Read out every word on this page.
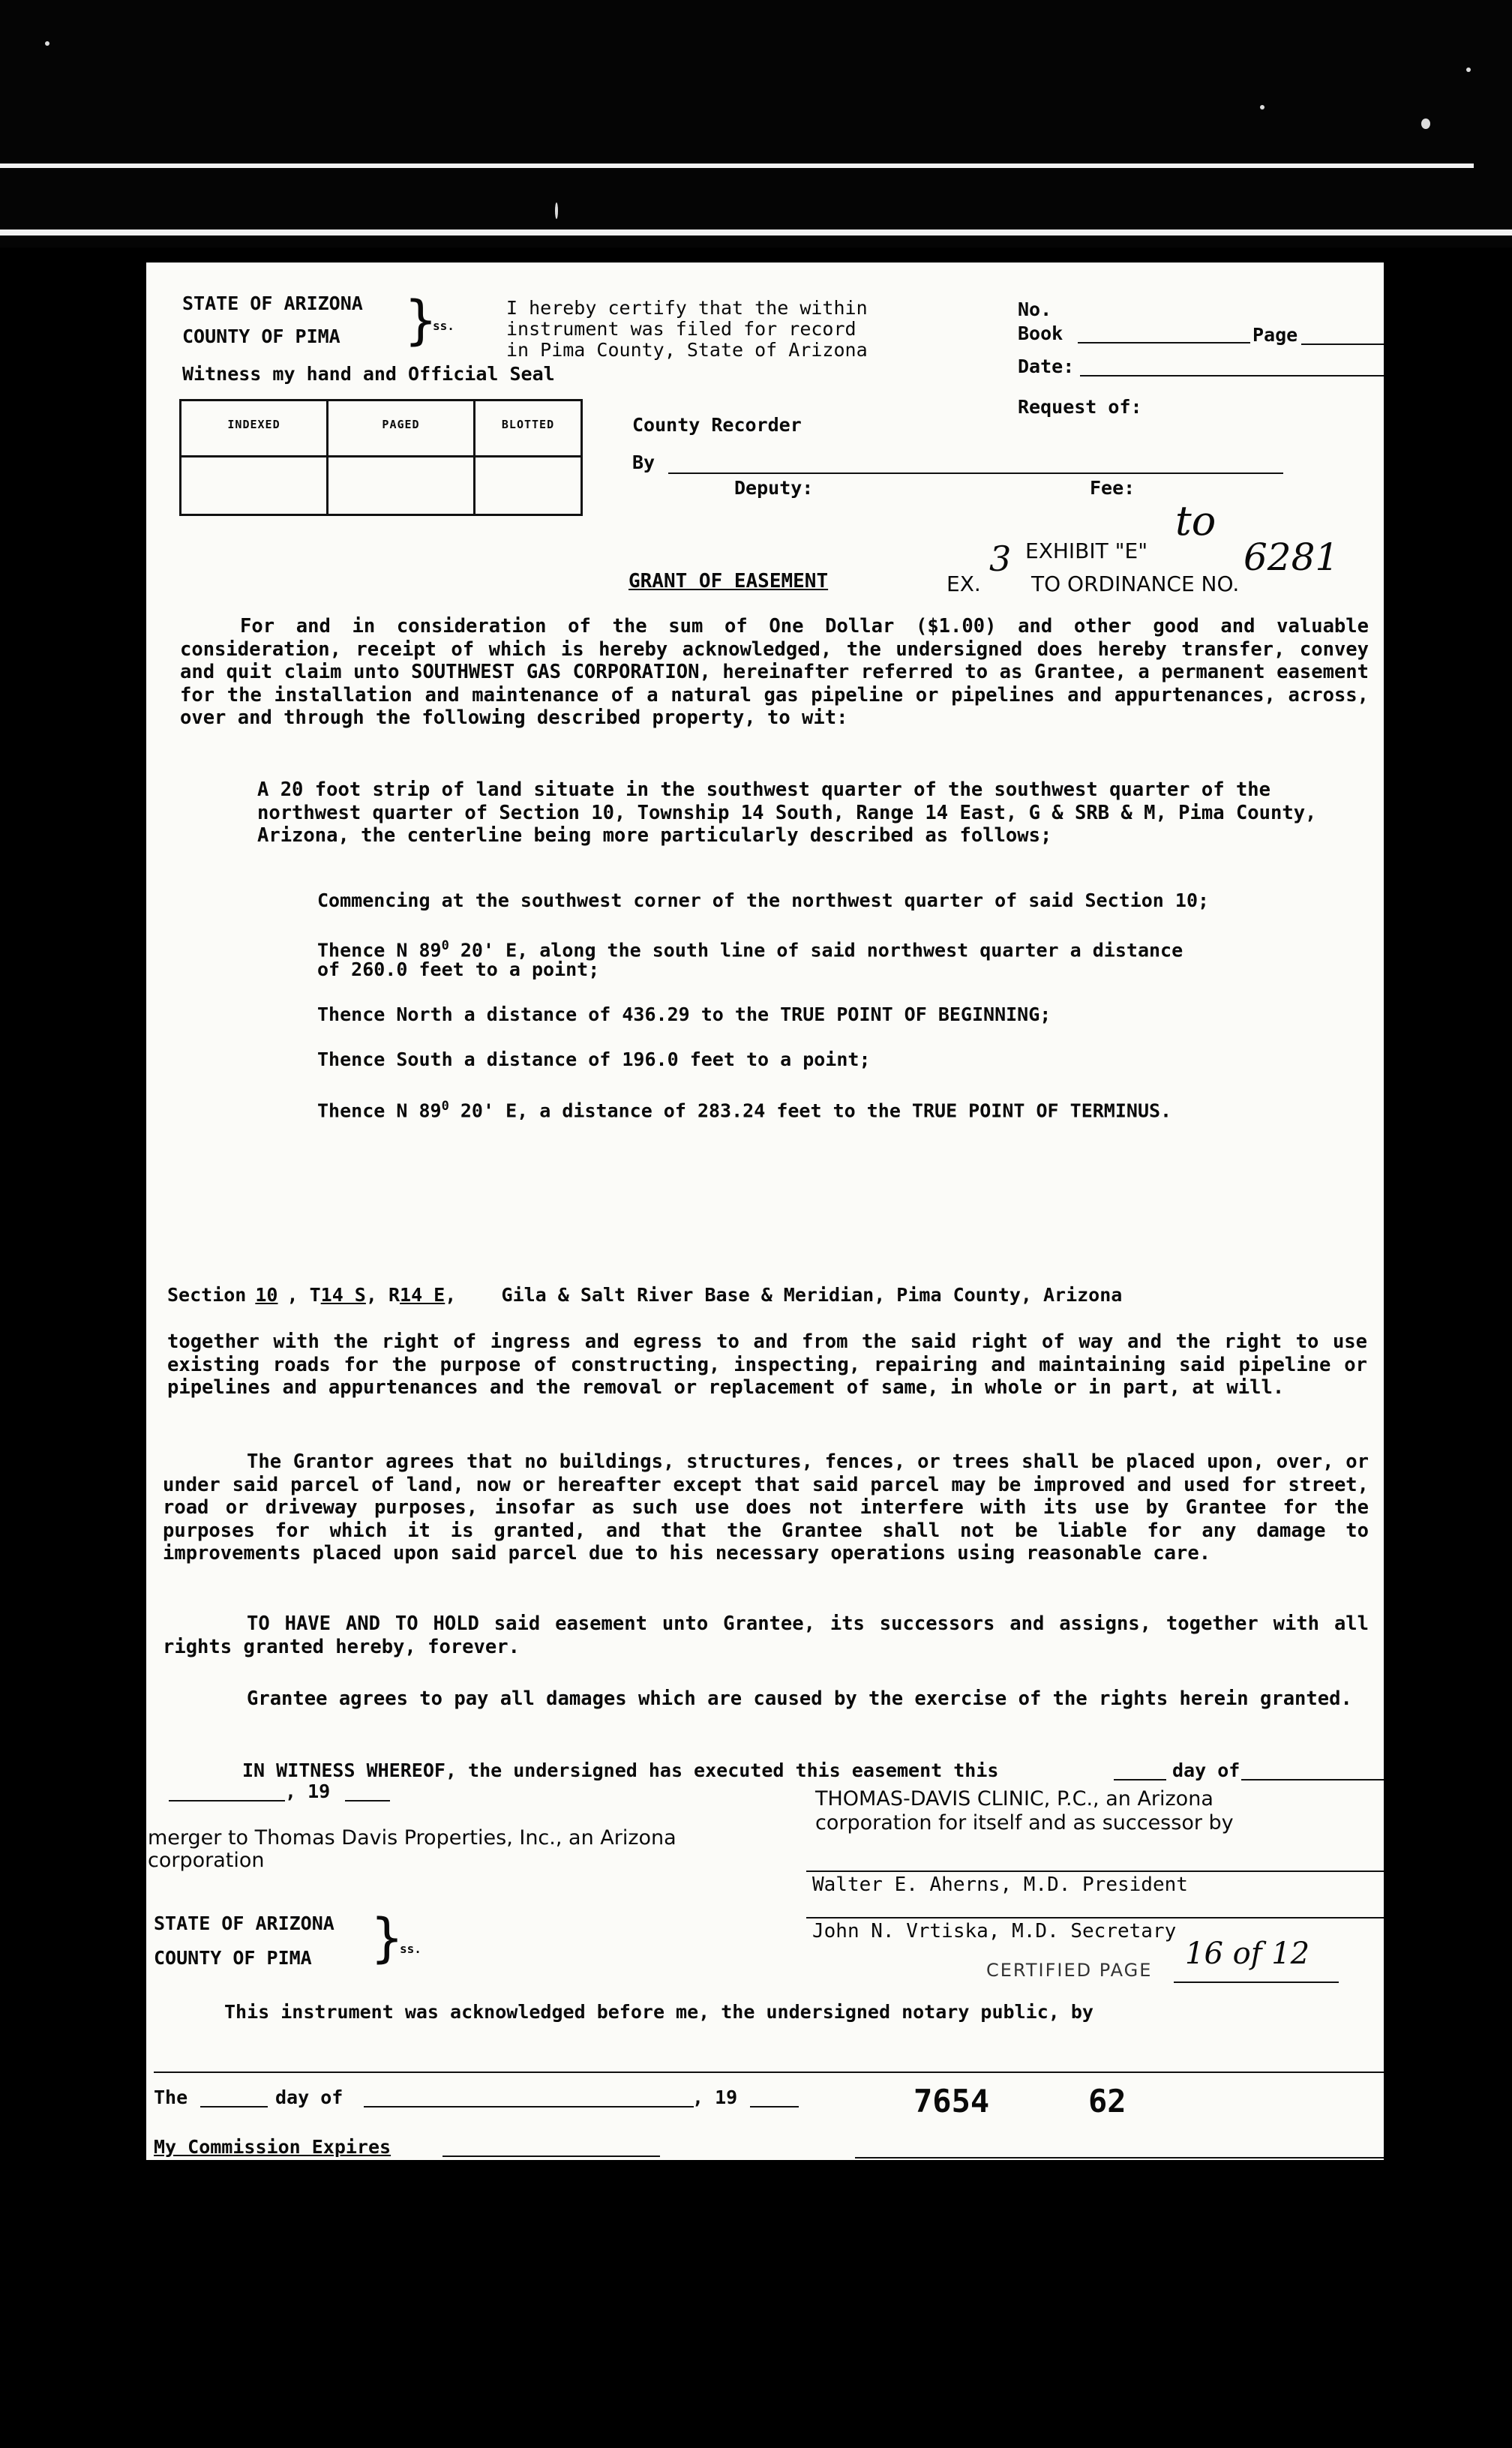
STATE OF ARIZONA
COUNTY OF PIMA }
ss.
I hereby certify that the within
instrument was filed for record
in Pima County, State of Arizona
Witness my hand and Official Seal
INDEXED	PAGED	BLOTTED	County Recorder
By
Deputy:
No.
Book	Page
Date:
Request of:
Fee:
GRANT OF EASEMENT
EXHIBIT "E"
to
EX.
3
TO ORDINANCE NO.
6281
For and in consideration of the sum of One Dollar ($1.00) and other good and valuable consideration, receipt of which is hereby acknowledged, the undersigned does hereby transfer, convey and quit claim unto SOUTHWEST GAS CORPORATION, hereinafter referred to as Grantee, a permanent easement for the installation and maintenance of a natural gas pipeline or pipelines and appurtenances, across, over and through the following described property, to wit:
A 20 foot strip of land situate in the southwest quarter of the southwest quarter of the northwest quarter of Section 10, Township 14 South, Range 14 East, G & SRB & M, Pima County, Arizona, the centerline being more particularly described as follows;
Commencing at the southwest corner of the northwest quarter of said Section 10;
Thence N $89^0$ 20' E, along the south line of said northwest quarter a distance
of 260.0 feet to a point;
Thence North a distance of 436.29 to the TRUE POINT OF BEGINNING;
Thence South a distance of 196.0 feet to a point;
Thence N $89^0$ 20' E, a distance of 283.24 feet to the TRUE POINT OF TERMINUS.
Section 10 , T14 S, R14 E,    Gila & Salt River Base & Meridian, Pima County, Arizona
together with the right of ingress and egress to and from the said right of way and the right to use existing roads for the purpose of constructing, inspecting, repairing and maintaining said pipeline or pipelines and appurtenances and the removal or replacement of same, in whole or in part, at will.
The Grantor agrees that no buildings, structures, fences, or trees shall be placed upon, over, or under said parcel of land, now or hereafter except that said parcel may be improved and used for street, road or driveway purposes, insofar as such use does not interfere with its use by Grantee for the purposes for which it is granted, and that the Grantee shall not be liable for any damage to improvements placed upon said parcel due to his necessary operations using reasonable care.
TO HAVE AND TO HOLD said easement unto Grantee, its successors and assigns, together with all rights granted hereby, forever.
Grantee agrees to pay all damages which are caused by the exercise of the rights herein granted.
IN WITNESS WHEREOF, the undersigned has executed this easement this	day of
, 19	THOMAS-DAVIS CLINIC, P.C., an Arizona
corporation for itself and as successor by
merger to Thomas Davis Properties, Inc., an Arizona
corporation
Walter E. Aherns, M.D. President
John N. Vrtiska, M.D. Secretary
CERTIFIED PAGE 16 of 12
STATE OF ARIZONA
COUNTY OF PIMA }
ss.
This instrument was acknowledged before me, the undersigned notary public, by
The	day of	, 19	7654	62
My Commission Expires
